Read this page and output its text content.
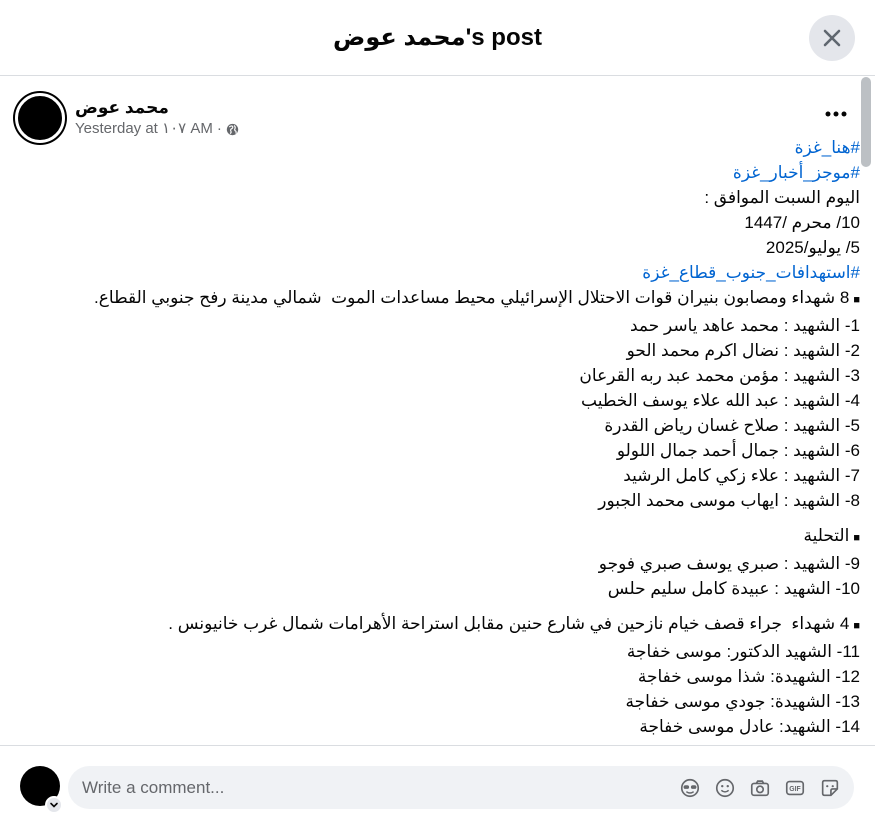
محمد عوض's post
محمد عوض
Yesterday at ١٠٧ AM ·
#هنا_غزة
#موجز_أخبار_غزة
اليوم السبت الموافق :
10/ محرم /1447
5/ يوليو/2025
#استهدافات_جنوب_قطاع_غزة
■8 شهداء ومصابون بنيران قوات الاحتلال الإسرائيلي محيط مساعدات الموت  شمالي مدينة رفح جنوبي القطاع.
1- الشهيد : محمد عاهد ياسر حمد
2- الشهيد : نضال اكرم محمد الحو
3- الشهيد : مؤمن محمد عبد ربه القرعان
4- الشهيد : عبد الله علاء يوسف الخطيب
5- الشهيد : صلاح غسان رياض القدرة
6- الشهيد : جمال أحمد جمال اللولو
7- الشهيد : علاء زكي كامل الرشيد
8- الشهيد : ايهاب موسى محمد الجبور
■التحلية
9- الشهيد : صبري يوسف صبري فوجو
10- الشهيد : عبيدة كامل سليم حلس
■4 شهداء  جراء قصف خيام نازحين في شارع حنين مقابل استراحة الأهرامات شمال غرب خانيونس .
11- الشهيد الدكتور: موسى خفاجة
12- الشهيدة: شذا موسى خفاجة
13- الشهيدة: جودي موسى خفاجة
14- الشهيد: عادل موسى خفاجة
Write a comment...
GIF
